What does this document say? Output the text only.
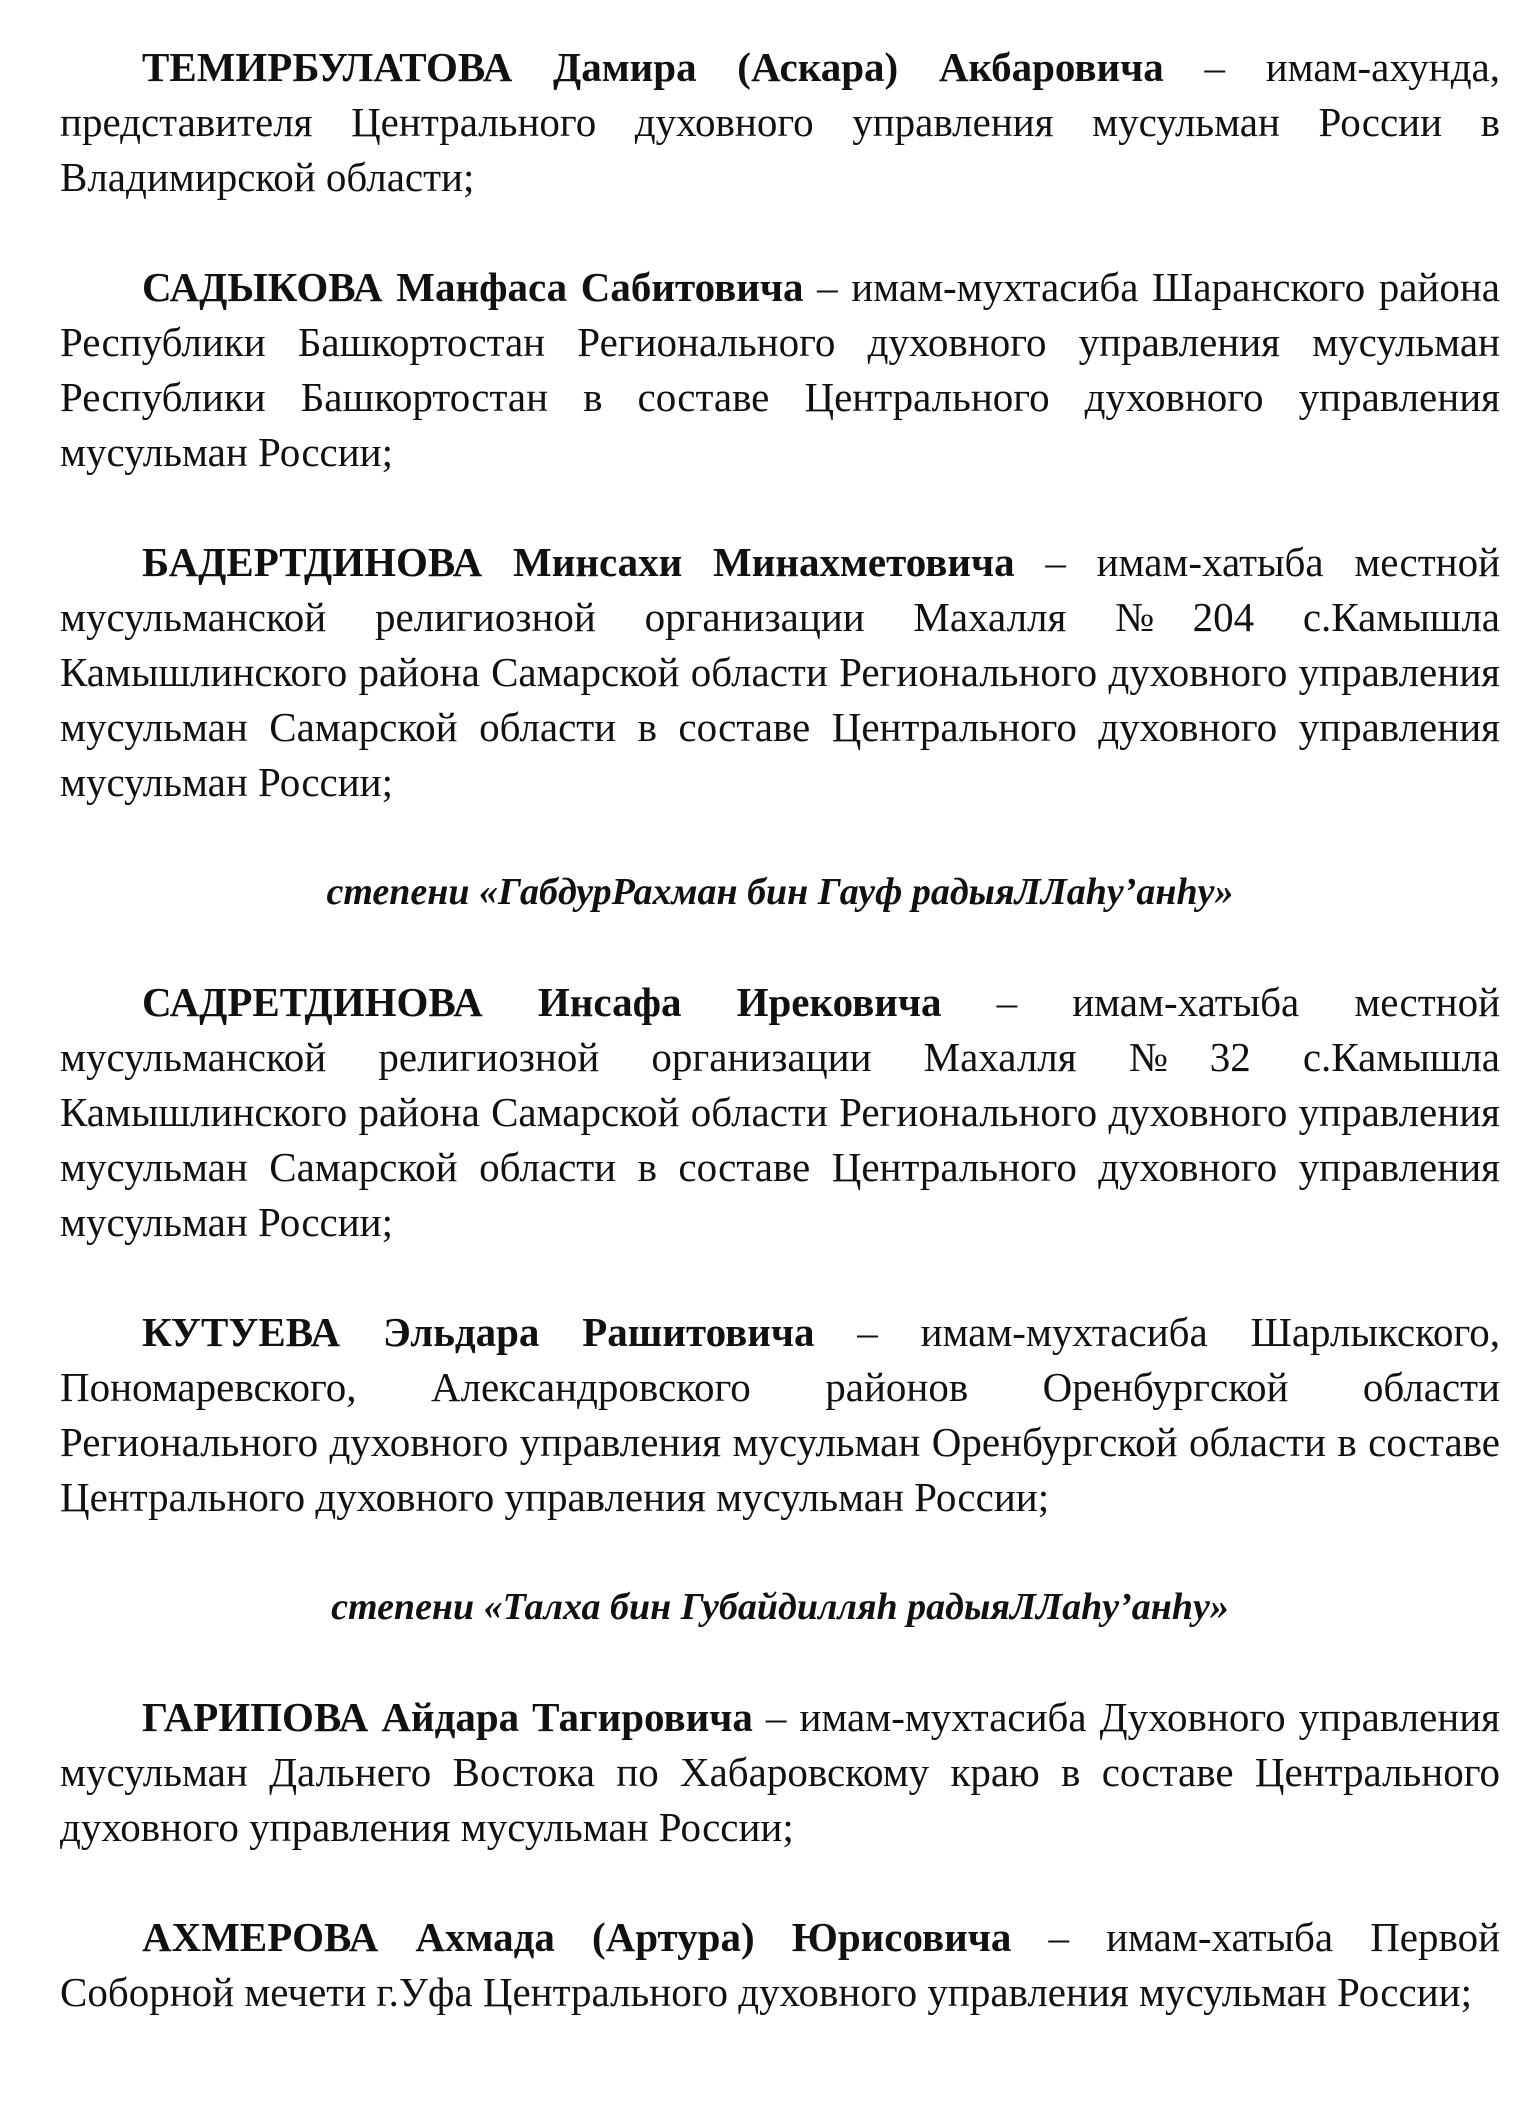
ТЕМИРБУЛАТОВА Дамира (Аскара) Акбаровича – имам-ахунда, представителя Центрального духовного управления мусульман России в Владимирской области;

САДЫКОВА Манфаса Сабитовича – имам-мухтасиба Шаранского района Республики Башкортостан Регионального духовного управления мусульман Республики Башкортостан в составе Центрального духовного управления мусульман России;

БАДЕРТДИНОВА Минсахи Минахметовича – имам-хатыба местной мусульманской религиозной организации Махалля №204 с.Камышла Камышлинского района Самарской области Регионального духовного управления мусульман Самарской области в составе Центрального духовного управления мусульман России;

степени «ГабдурРахман бин Гауф радыяЛЛаһу’анһу»

САДРЕТДИНОВА Инсафа Ирековича – имам-хатыба местной мусульманской религиозной организации Махалля №32 с.Камышла Камышлинского района Самарской области Регионального духовного управления мусульман Самарской области в составе Центрального духовного управления мусульман России;

КУТУЕВА Эльдара Рашитовича – имам-мухтасиба Шарлыкского, Пономаревского, Александровского районов Оренбургской области Регионального духовного управления мусульман Оренбургской области в составе Центрального духовного управления мусульман России;

степени «Талха бин Губайдилляһ радыяЛЛаһу’анһу»

ГАРИПОВА Айдара Тагировича – имам-мухтасиба Духовного управления мусульман Дальнего Востока по Хабаровскому краю в составе Центрального духовного управления мусульман России;

АХМЕРОВА Ахмада (Артура) Юрисовича – имам-хатыба Первой Соборной мечети г.Уфа Центрального духовного управления мусульман России;
